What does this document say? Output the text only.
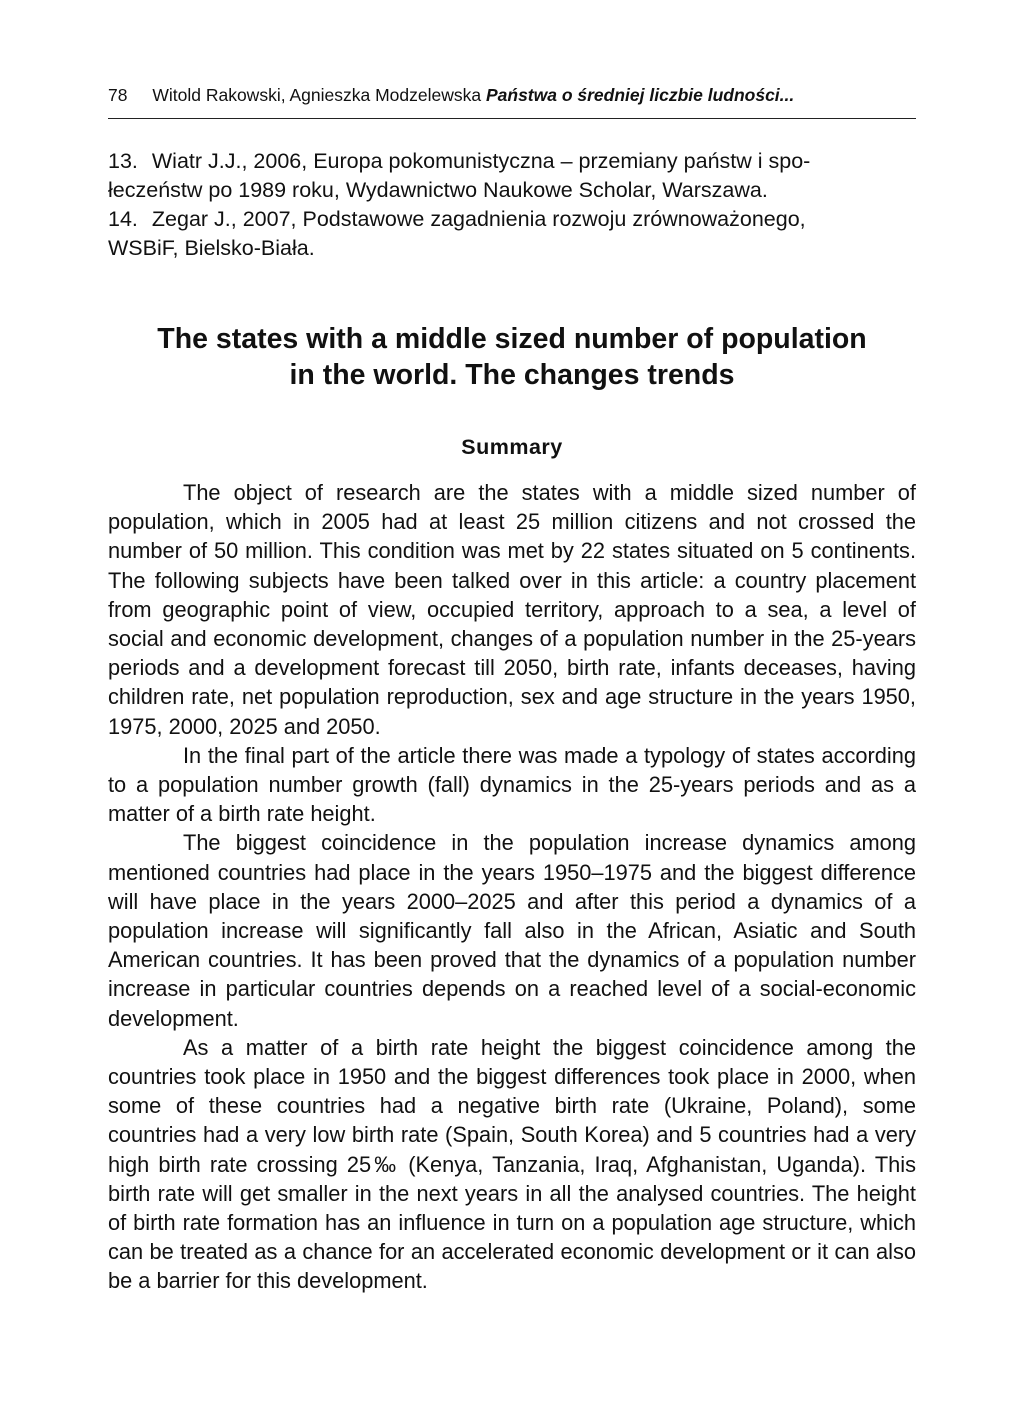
78 Witold Rakowski, Agnieszka Modzelewska Państwa o średniej liczbie ludności...
13. Wiatr J.J., 2006, Europa pokomunistyczna – przemiany państw i spo-
łeczeństw po 1989 roku, Wydawnictwo Naukowe Scholar, Warszawa.
14. Zegar J., 2007, Podstawowe zagadnienia rozwoju zrównoważonego,
WSBiF, Bielsko-Biała.
The states with a middle sized number of population
in the world. The changes trends
Summary

The object of research are the states with a middle sized number of population, which in 2005 had at least 25 million citizens and not crossed the number of 50 million. This condition was met by 22 states situated on 5 continents. The following subjects have been talked over in this article: a country placement from geographic point of view, occupied territory, approach to a sea, a level of social and economic development, changes of a population number in the 25-years periods and a development forecast till 2050, birth rate, infants deceases, having children rate, net population reproduction, sex and age structure in the years 1950, 1975, 2000, 2025 and 2050.

In the final part of the article there was made a typology of states according to a population number growth (fall) dynamics in the 25-years periods and as a matter of a birth rate height.

The biggest coincidence in the population increase dynamics among mentioned countries had place in the years 1950–1975 and the biggest difference will have place in the years 2000–2025 and after this period a dynamics of a population increase will significantly fall also in the African, Asiatic and South American countries. It has been proved that the dynamics of a population number increase in particular countries depends on a reached level of a social-economic development.

As a matter of a birth rate height the biggest coincidence among the countries took place in 1950 and the biggest differences took place in 2000, when some of these countries had a negative birth rate (Ukraine, Poland), some countries had a very low birth rate (Spain, South Korea) and 5 countries had a very high birth rate crossing 25‰ (Kenya, Tanzania, Iraq, Afghanistan, Uganda). This birth rate will get smaller in the next years in all the analysed countries. The height of birth rate formation has an influence in turn on a population age structure, which can be treated as a chance for an accelerated economic development or it can also be a barrier for this development.
